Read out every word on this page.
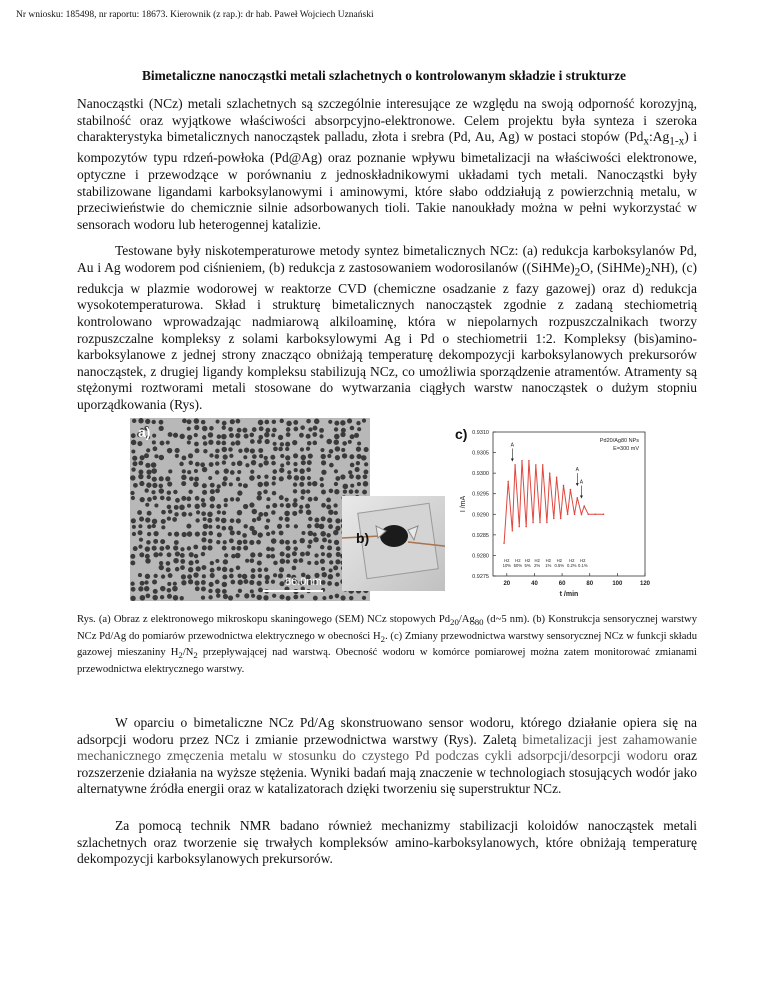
Nr wniosku: 185498, nr raportu: 18673. Kierownik (z rap.): dr hab. Paweł Wojciech Uznański
Bimetaliczne nanocząstki metali szlachetnych o kontrolowanym składzie i strukturze

Nanocząstki (NCz) metali szlachetnych są szczególnie interesujące ze względu na swoją odporność korozyjną, stabilność oraz wyjątkowe właściwości absorpcyjno-elektronowe. Celem projektu była synteza i szeroka charakterystyka bimetalicznych nanocząstek palladu, złota i srebra (Pd, Au, Ag) w postaci stopów $(Pd_x:Ag_{1-x})$ i kompozytów typu rdzeń-powłoka (Pd@Ag) oraz poznanie wpływu bimetalizacji na właściwości elektronowe, optyczne i przewodzące w porównaniu z jednoskładnikowymi układami tych metali. Nanocząstki były stabilizowane ligandami karboksylanowymi i aminowymi, które słabo oddziałują z powierzchnią metalu, w przeciwieństwie do chemicznie silnie adsorbowanych tioli. Takie nanoukłady można w pełni wykorzystać w sensorach wodoru lub heterogennej katalizie.

Testowane były niskotemperaturowe metody syntez bimetalicznych NCz: (a) redukcja karboksylanów Pd, Au i Ag wodorem pod ciśnieniem, (b) redukcja z zastosowaniem wodorosilanów ($(SiHMe)_2O$, $(SiHMe)_2NH$), (c) redukcja w plazmie wodorowej w reaktorze CVD (chemiczne osadzanie z fazy gazowej) oraz d) redukcja wysokotemperaturowa. Skład i strukturę bimetalicznych nanocząstek zgodnie z zadaną stechiometrią kontrolowano wprowadzając nadmiarową alkiloaminę, która w niepolarnych rozpuszczalnikach tworzy rozpuszczalne kompleksy z solami karboksylowymi Ag i Pd o stechiometrii 1:2. Kompleksy (bis)amino-karboksylanowe z jednej strony znacząco obniżają temperaturę dekompozycji karboksylanowych prekursorów nanocząstek, z drugiej ligandy kompleksu stabilizują NCz, co umożliwia sporządzenie atramentów. Atramenty są stężonymi roztworami metali stosowane do wytwarzania ciągłych warstw nanocząstek o dużym stopniu uporządkowania (Rys).

a)
86.0nm
b)
c) 0.9310
0.9305
0.9300
0.9295
0.9290
0.9285
0.9280
0.9275
20	40	60	80	100	120
I /mA
t /min
Pd20/Ag80 NPs
E=300 mV
A
A
A
H2 10%
H2 50%
H2 5%
H2 2%
H2 1%
H2 0.5%
H2 0.2%
H2 0.1%

Rys. (a) Obraz z elektronowego mikroskopu skaningowego (SEM) NCz stopowych $Pd_{20}/Ag_{80}$ (d~5 nm). (b) Konstrukcja sensorycznej warstwy NCz Pd/Ag do pomiarów przewodnictwa elektrycznego w obecności $H_2$. (c) Zmiany przewodnictwa warstwy sensorycznej NCz w funkcji składu gazowej mieszaniny $H_2/N_2$ przepływającej nad warstwą. Obecność wodoru w komórce pomiarowej można zatem monitorować zmianami przewodnictwa elektrycznego warstwy.

W oparciu o bimetaliczne NCz Pd/Ag skonstruowano sensor wodoru, którego działanie opiera się na adsorpcji wodoru przez NCz i zmianie przewodnictwa warstwy (Rys). Zaletą bimetalizacji jest zahamowanie mechanicznego zmęczenia metalu w stosunku do czystego Pd podczas cykli adsorpcji/desorpcji wodoru oraz rozszerzenie działania na wyższe stężenia. Wyniki badań mają znaczenie w technologiach stosujących wodór jako alternatywne źródła energii oraz w katalizatorach dzięki tworzeniu się superstruktur NCz.

Za pomocą technik NMR badano również mechanizmy stabilizacji koloidów nanocząstek metali szlachetnych oraz tworzenie się trwałych kompleksów amino-karboksylanowych, które obniżają temperaturę dekompozycji karboksylanowych prekursorów.
